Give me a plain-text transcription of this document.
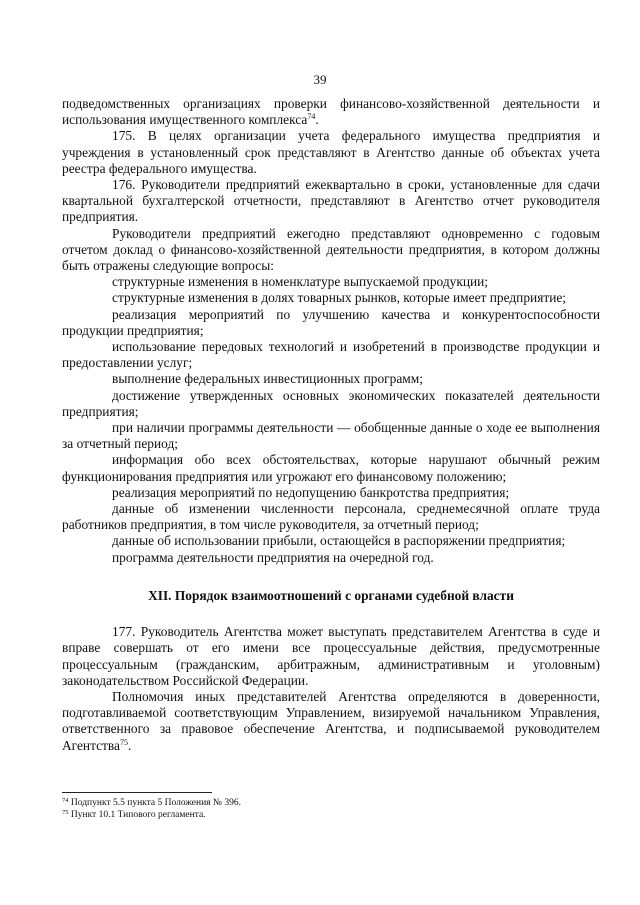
39

подведомственных организациях проверки финансово-хозяйственной деятельности и использования имущественного комплекса$^{74}$.

175. В целях организации учета федерального имущества предприятия и учреждения в установленный срок представляют в Агентство данные об объектах учета реестра федерального имущества.

176. Руководители предприятий ежеквартально в сроки, установленные для сдачи квартальной бухгалтерской отчетности, представляют в Агентство отчет руководителя предприятия.

Руководители предприятий ежегодно представляют одновременно с годовым отчетом доклад о финансово-хозяйственной деятельности предприятия, в котором должны быть отражены следующие вопросы:

структурные изменения в номенклатуре выпускаемой продукции;

структурные изменения в долях товарных рынков, которые имеет предприятие;

реализация мероприятий по улучшению качества и конкурентоспособности продукции предприятия;

использование передовых технологий и изобретений в производстве продукции и предоставлении услуг;

выполнение федеральных инвестиционных программ;

достижение утвержденных основных экономических показателей деятельности предприятия;

при наличии программы деятельности — обобщенные данные о ходе ее выполнения за отчетный период;

информация обо всех обстоятельствах, которые нарушают обычный режим функционирования предприятия или угрожают его финансовому положению;

реализация мероприятий по недопущению банкротства предприятия;

данные об изменении численности персонала, среднемесячной оплате труда работников предприятия, в том числе руководителя, за отчетный период;

данные об использовании прибыли, остающейся в распоряжении предприятия;

программа деятельности предприятия на очередной год.

XII. Порядок взаимоотношений с органами судебной власти

177. Руководитель Агентства может выступать представителем Агентства в суде и вправе совершать от его имени все процессуальные действия, предусмотренные процессуальным (гражданским, арбитражным, административным и уголовным) законодательством Российской Федерации.

Полномочия иных представителей Агентства определяются в доверенности, подготавливаемой соответствующим Управлением, визируемой начальником Управления, ответственного за правовое обеспечение Агентства, и подписываемой руководителем Агентства$^{75}$.

$^{74}$ Подпункт 5.5 пункта 5 Положения № 396.

$^{75}$ Пункт 10.1 Типового регламента.
